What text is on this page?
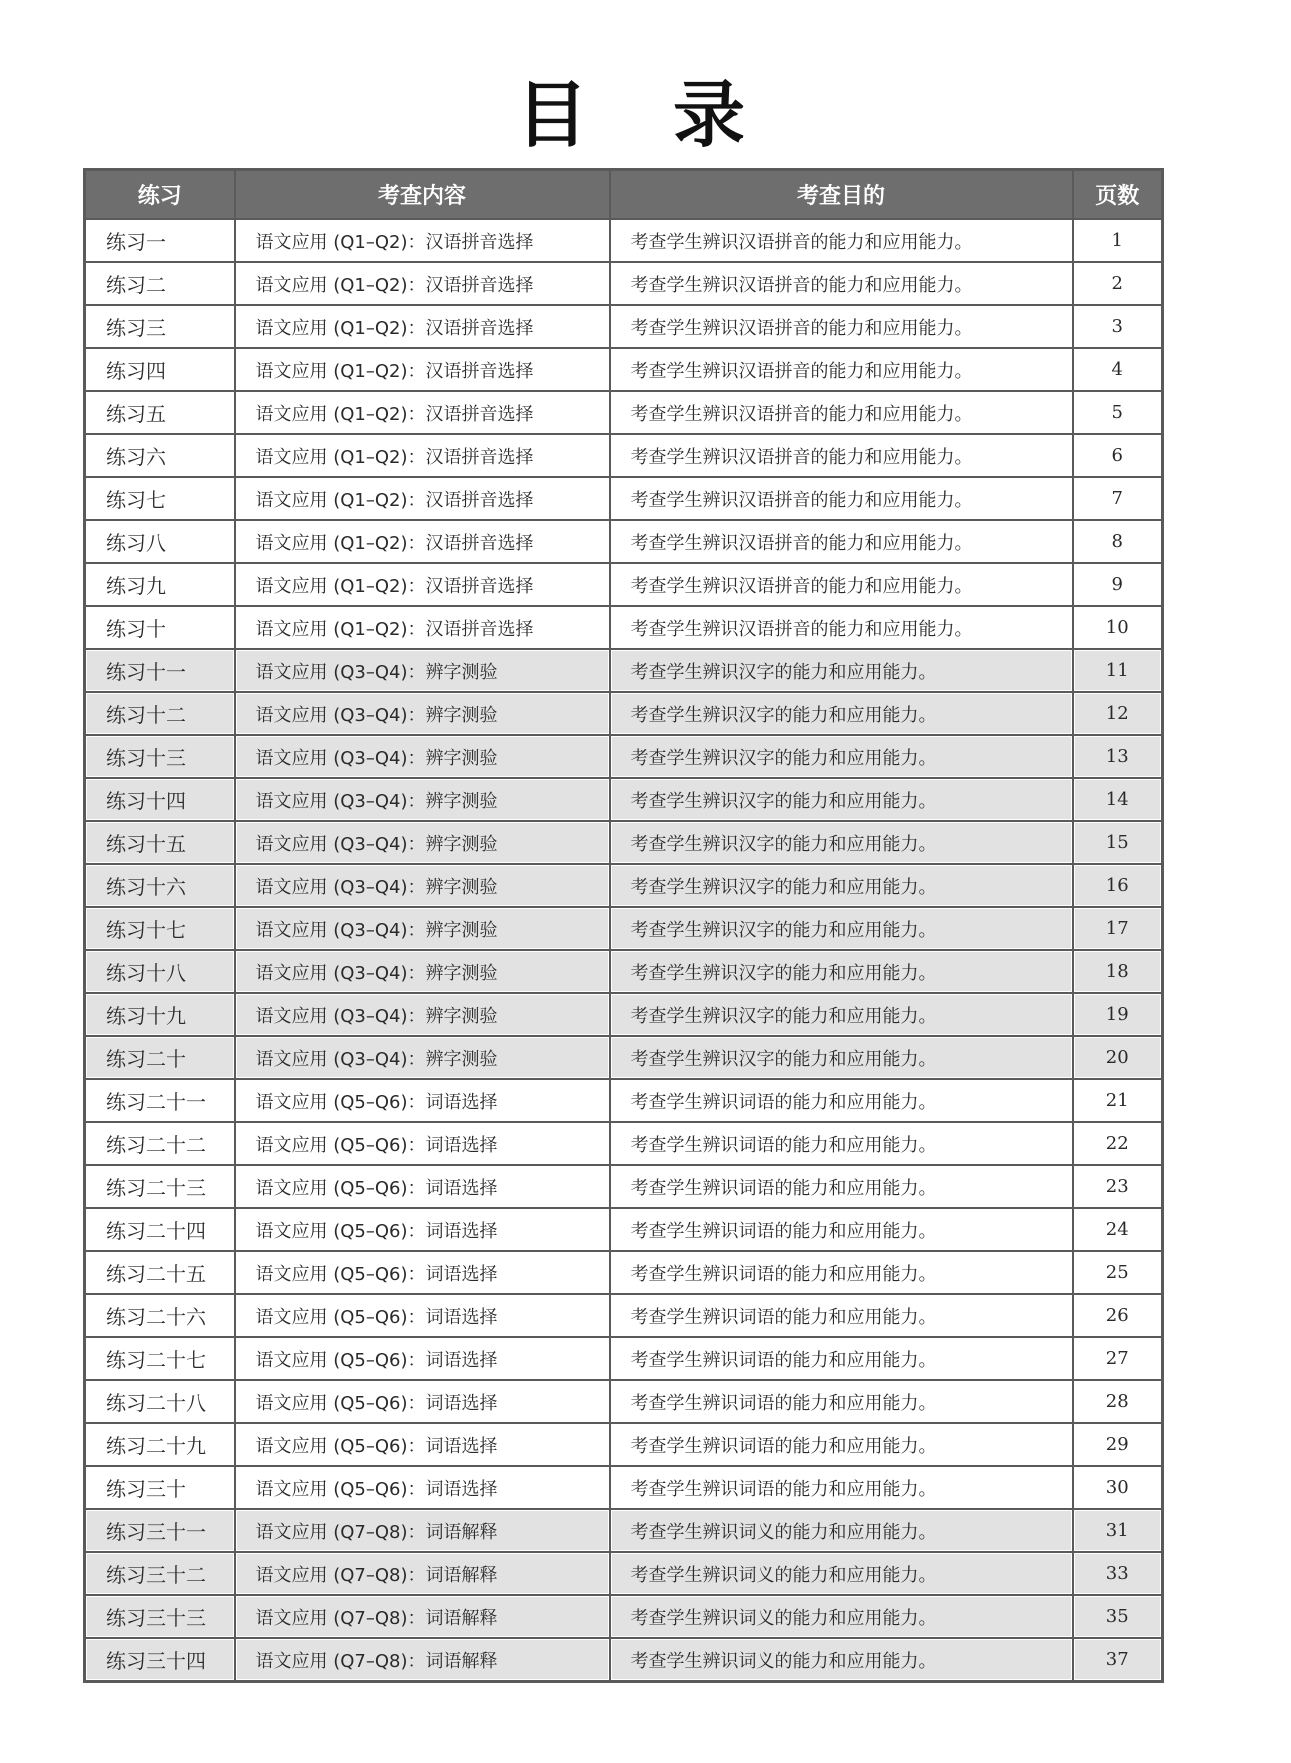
目 录
练习	考查内容	考查目的	页数
练习一	语文应用 (Q1–Q2)：汉语拼音选择	考查学生辨识汉语拼音的能力和应用能力。	1
练习二	语文应用 (Q1–Q2)：汉语拼音选择	考查学生辨识汉语拼音的能力和应用能力。	2
练习三	语文应用 (Q1–Q2)：汉语拼音选择	考查学生辨识汉语拼音的能力和应用能力。	3
练习四	语文应用 (Q1–Q2)：汉语拼音选择	考查学生辨识汉语拼音的能力和应用能力。	4
练习五	语文应用 (Q1–Q2)：汉语拼音选择	考查学生辨识汉语拼音的能力和应用能力。	5
练习六	语文应用 (Q1–Q2)：汉语拼音选择	考查学生辨识汉语拼音的能力和应用能力。	6
练习七	语文应用 (Q1–Q2)：汉语拼音选择	考查学生辨识汉语拼音的能力和应用能力。	7
练习八	语文应用 (Q1–Q2)：汉语拼音选择	考查学生辨识汉语拼音的能力和应用能力。	8
练习九	语文应用 (Q1–Q2)：汉语拼音选择	考查学生辨识汉语拼音的能力和应用能力。	9
练习十	语文应用 (Q1–Q2)：汉语拼音选择	考查学生辨识汉语拼音的能力和应用能力。	10
练习十一	语文应用 (Q3–Q4)：辨字测验	考查学生辨识汉字的能力和应用能力。	11
练习十二	语文应用 (Q3–Q4)：辨字测验	考查学生辨识汉字的能力和应用能力。	12
练习十三	语文应用 (Q3–Q4)：辨字测验	考查学生辨识汉字的能力和应用能力。	13
练习十四	语文应用 (Q3–Q4)：辨字测验	考查学生辨识汉字的能力和应用能力。	14
练习十五	语文应用 (Q3–Q4)：辨字测验	考查学生辨识汉字的能力和应用能力。	15
练习十六	语文应用 (Q3–Q4)：辨字测验	考查学生辨识汉字的能力和应用能力。	16
练习十七	语文应用 (Q3–Q4)：辨字测验	考查学生辨识汉字的能力和应用能力。	17
练习十八	语文应用 (Q3–Q4)：辨字测验	考查学生辨识汉字的能力和应用能力。	18
练习十九	语文应用 (Q3–Q4)：辨字测验	考查学生辨识汉字的能力和应用能力。	19
练习二十	语文应用 (Q3–Q4)：辨字测验	考查学生辨识汉字的能力和应用能力。	20
练习二十一	语文应用 (Q5–Q6)：词语选择	考查学生辨识词语的能力和应用能力。	21
练习二十二	语文应用 (Q5–Q6)：词语选择	考查学生辨识词语的能力和应用能力。	22
练习二十三	语文应用 (Q5–Q6)：词语选择	考查学生辨识词语的能力和应用能力。	23
练习二十四	语文应用 (Q5–Q6)：词语选择	考查学生辨识词语的能力和应用能力。	24
练习二十五	语文应用 (Q5–Q6)：词语选择	考查学生辨识词语的能力和应用能力。	25
练习二十六	语文应用 (Q5–Q6)：词语选择	考查学生辨识词语的能力和应用能力。	26
练习二十七	语文应用 (Q5–Q6)：词语选择	考查学生辨识词语的能力和应用能力。	27
练习二十八	语文应用 (Q5–Q6)：词语选择	考查学生辨识词语的能力和应用能力。	28
练习二十九	语文应用 (Q5–Q6)：词语选择	考查学生辨识词语的能力和应用能力。	29
练习三十	语文应用 (Q5–Q6)：词语选择	考查学生辨识词语的能力和应用能力。	30
练习三十一	语文应用 (Q7–Q8)：词语解释	考查学生辨识词义的能力和应用能力。	31
练习三十二	语文应用 (Q7–Q8)：词语解释	考查学生辨识词义的能力和应用能力。	33
练习三十三	语文应用 (Q7–Q8)：词语解释	考查学生辨识词义的能力和应用能力。	35
练习三十四	语文应用 (Q7–Q8)：词语解释	考查学生辨识词义的能力和应用能力。	37
